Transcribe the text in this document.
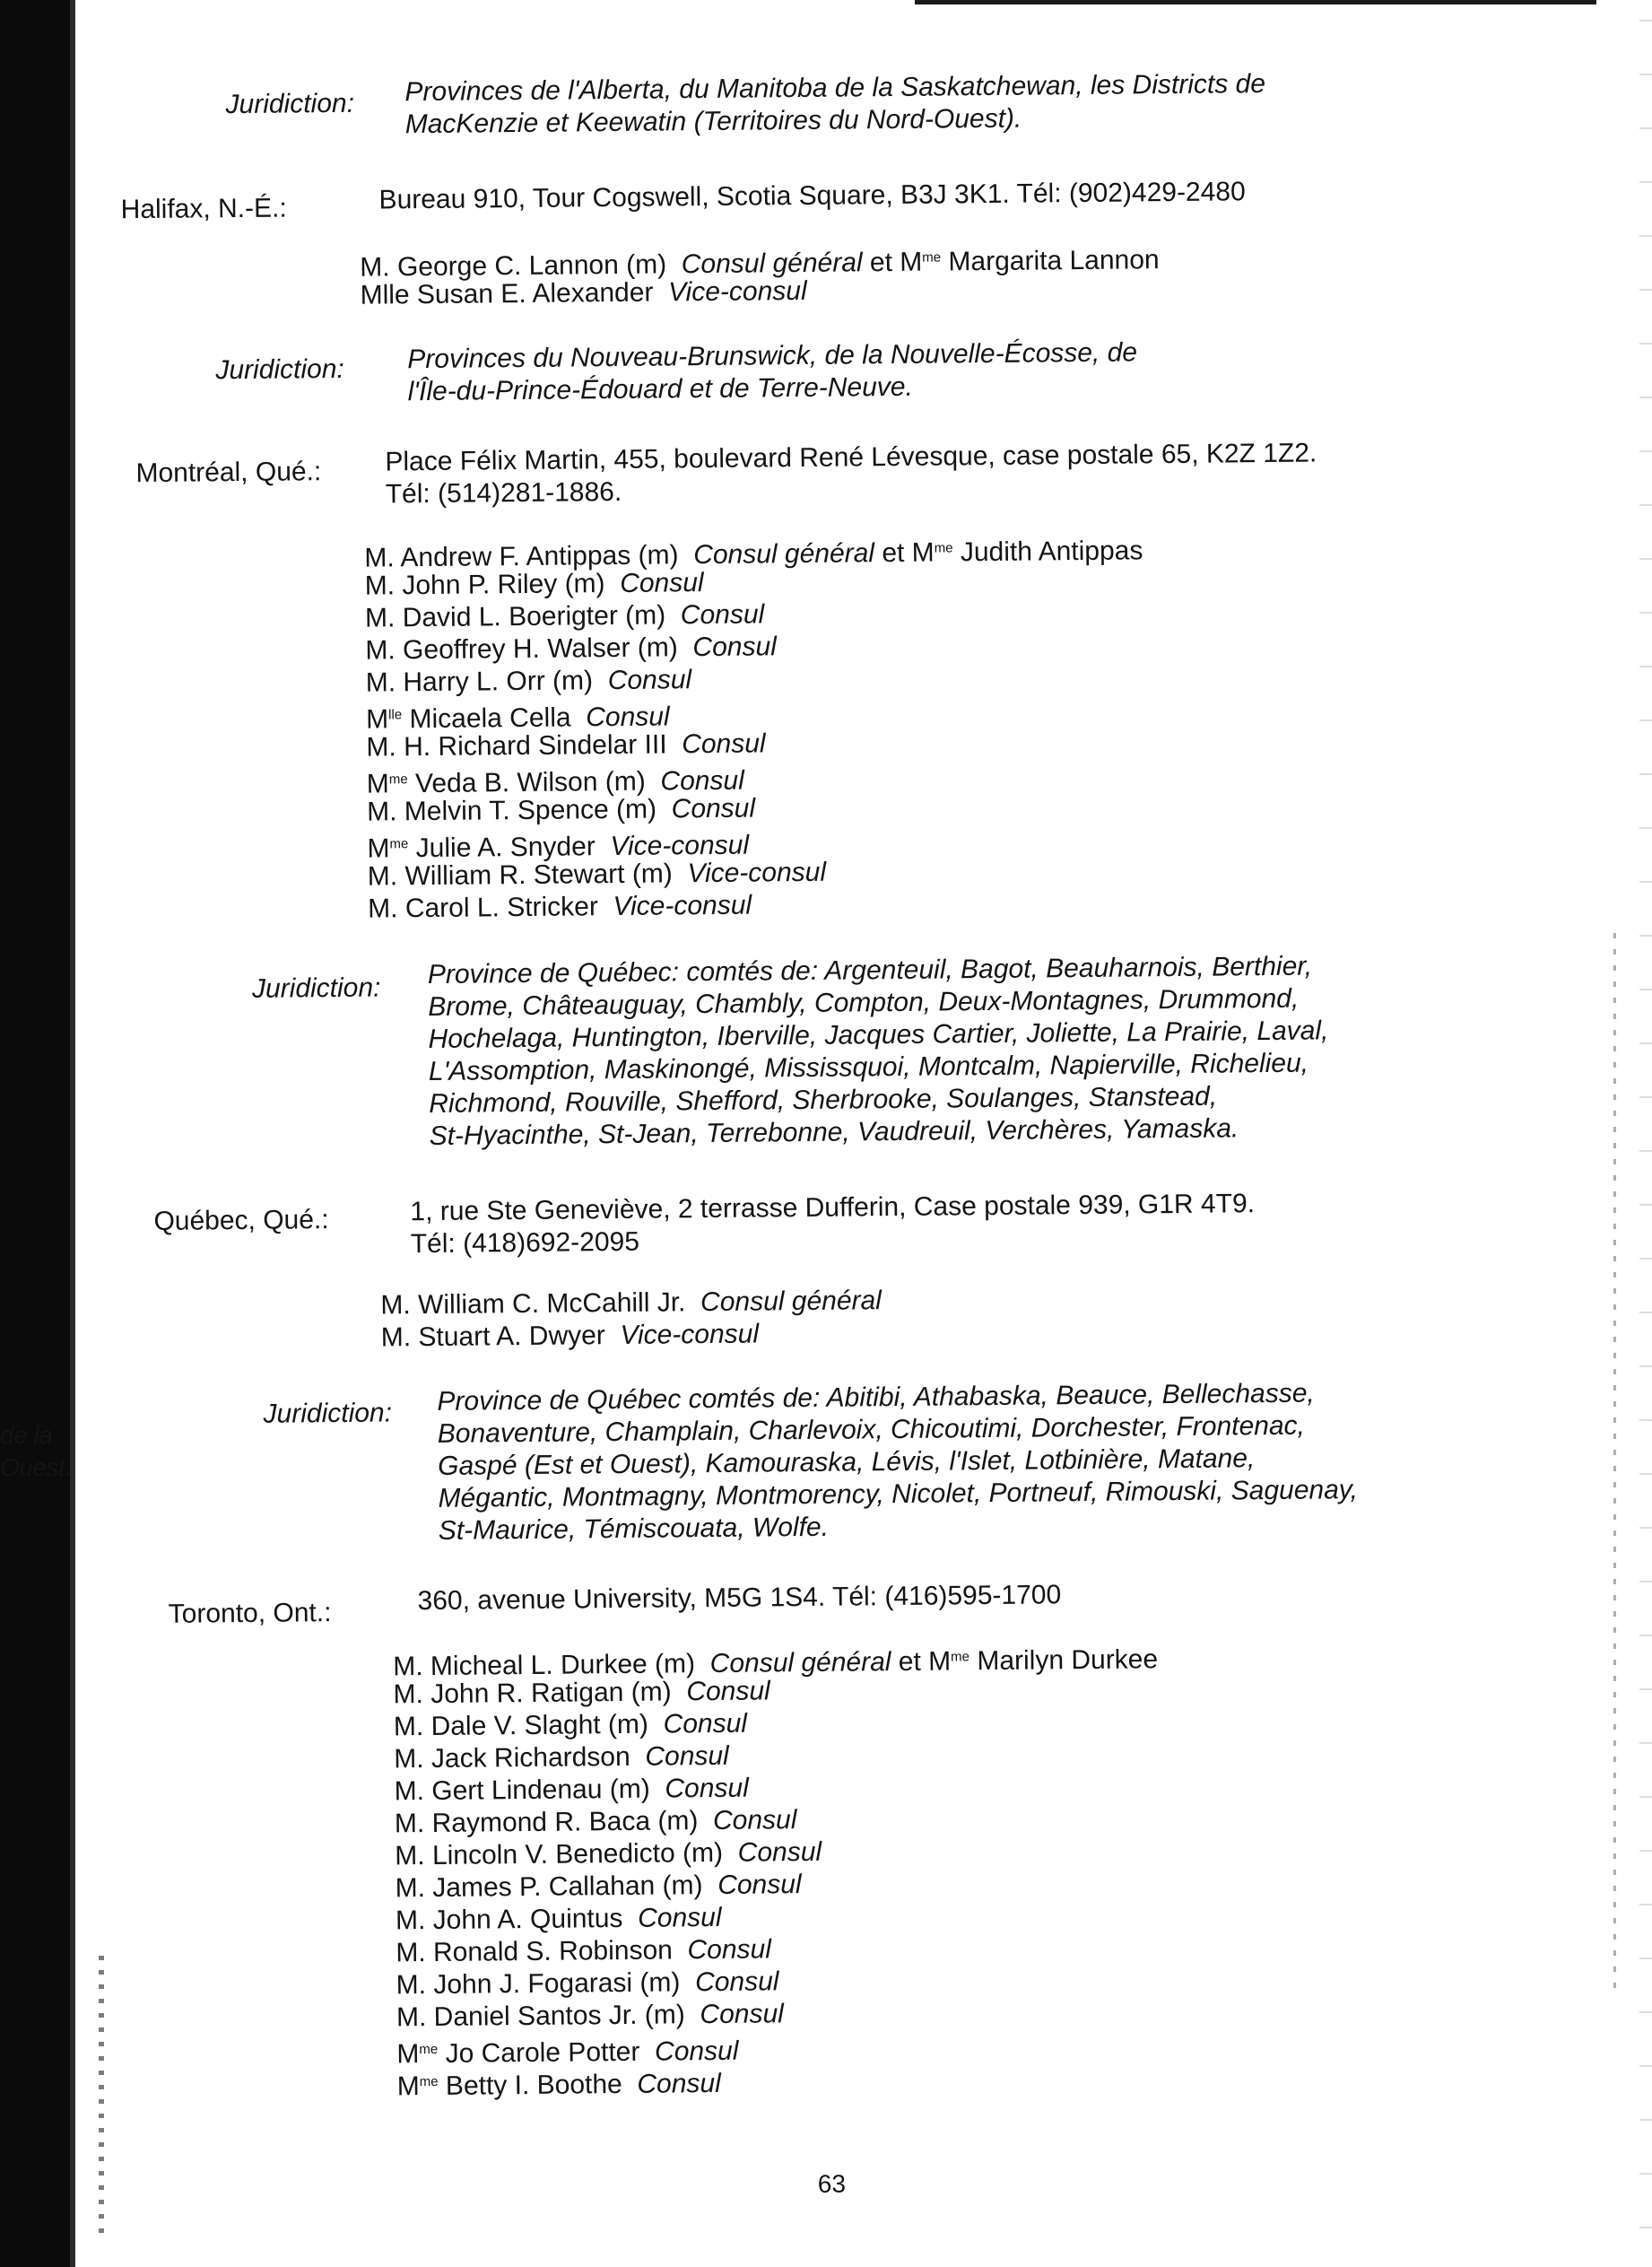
de la
Ouest.
Juridiction: Provinces de l'Alberta, du Manitoba de la Saskatchewan, les Districts de
MacKenzie et Keewatin (Territoires du Nord-Ouest).
Halifax, N.-É.:	Bureau 910, Tour Cogswell, Scotia Square, B3J 3K1. Tél: (902)429-2480
M. George C. Lannon (m) Consul général et $M^{me}$ Margarita Lannon
Mlle Susan E. Alexander Vice-consul
Juridiction: Provinces du Nouveau-Brunswick, de la Nouvelle-Écosse, de
l'Île-du-Prince-Édouard et de Terre-Neuve.
Montréal, Qué.: Place Félix Martin, 455, boulevard René Lévesque, case postale 65, K2Z 1Z2.
Tél: (514)281-1886.
M. Andrew F. Antippas (m) Consul général et $M^{me}$ Judith Antippas
M. John P. Riley (m) Consul
M. David L. Boerigter (m) Consul
M. Geoffrey H. Walser (m) Consul
M. Harry L. Orr (m) Consul
$M^{lle}$ Micaela Cella Consul
M. H. Richard Sindelar III Consul
$M^{me}$ Veda B. Wilson (m) Consul
M. Melvin T. Spence (m) Consul
$M^{me}$ Julie A. Snyder Vice-consul
M. William R. Stewart (m) Vice-consul
M. Carol L. Stricker Vice-consul
Juridiction: Province de Québec: comtés de: Argenteuil, Bagot, Beauharnois, Berthier,
Brome, Châteauguay, Chambly, Compton, Deux-Montagnes, Drummond,
Hochelaga, Huntington, Iberville, Jacques Cartier, Joliette, La Prairie, Laval,
L'Assomption, Maskinongé, Mississquoi, Montcalm, Napierville, Richelieu,
Richmond, Rouville, Shefford, Sherbrooke, Soulanges, Stanstead,
St-Hyacinthe, St-Jean, Terrebonne, Vaudreuil, Verchères, Yamaska.
Québec, Qué.:	1, rue Ste Geneviève, 2 terrasse Dufferin, Case postale 939, G1R 4T9.
Tél: (418)692-2095
M. William C. McCahill Jr. Consul général
M. Stuart A. Dwyer Vice-consul
Juridiction: Province de Québec comtés de: Abitibi, Athabaska, Beauce, Bellechasse,
Bonaventure, Champlain, Charlevoix, Chicoutimi, Dorchester, Frontenac,
Gaspé (Est et Ouest), Kamouraska, Lévis, l'Islet, Lotbinière, Matane,
Mégantic, Montmagny, Montmorency, Nicolet, Portneuf, Rimouski, Saguenay,
St-Maurice, Témiscouata, Wolfe.
Toronto, Ont.:	360, avenue University, M5G 1S4. Tél: (416)595-1700
M. Micheal L. Durkee (m) Consul général et $M^{me}$ Marilyn Durkee
M. John R. Ratigan (m) Consul
M. Dale V. Slaght (m) Consul
M. Jack Richardson Consul
M. Gert Lindenau (m) Consul
M. Raymond R. Baca (m) Consul
M. Lincoln V. Benedicto (m) Consul
M. James P. Callahan (m) Consul
M. John A. Quintus Consul
M. Ronald S. Robinson Consul
M. John J. Fogarasi (m) Consul
M. Daniel Santos Jr. (m) Consul
$M^{me}$ Jo Carole Potter Consul
$M^{me}$ Betty I. Boothe Consul
63
